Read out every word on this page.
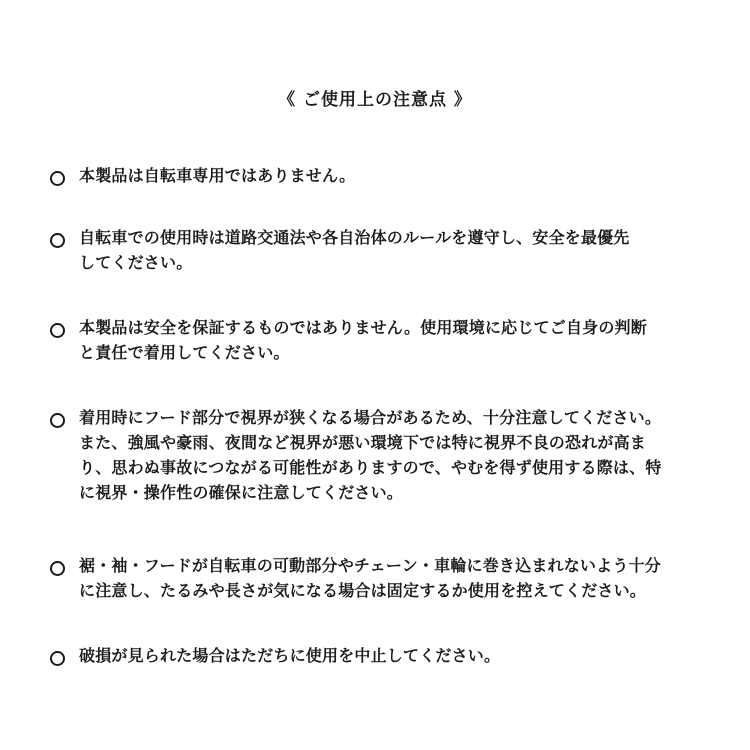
《 ご使用上の注意点 》
本製品は自転車専用ではありません。
自転車での使用時は道路交通法や各自治体のルールを遵守し、安全を最優先
してください。
本製品は安全を保証するものではありません。使用環境に応じてご自身の判断
と責任で着用してください。
着用時にフード部分で視界が狭くなる場合があるため、十分注意してください。
また、強風や豪雨、夜間など視界が悪い環境下では特に視界不良の恐れが高ま
り、思わぬ事故につながる可能性がありますので、やむを得ず使用する際は、特
に視界・操作性の確保に注意してください。
裾・袖・フードが自転車の可動部分やチェーン・車輪に巻き込まれないよう十分
に注意し、たるみや長さが気になる場合は固定するか使用を控えてください。
破損が見られた場合はただちに使用を中止してください。
